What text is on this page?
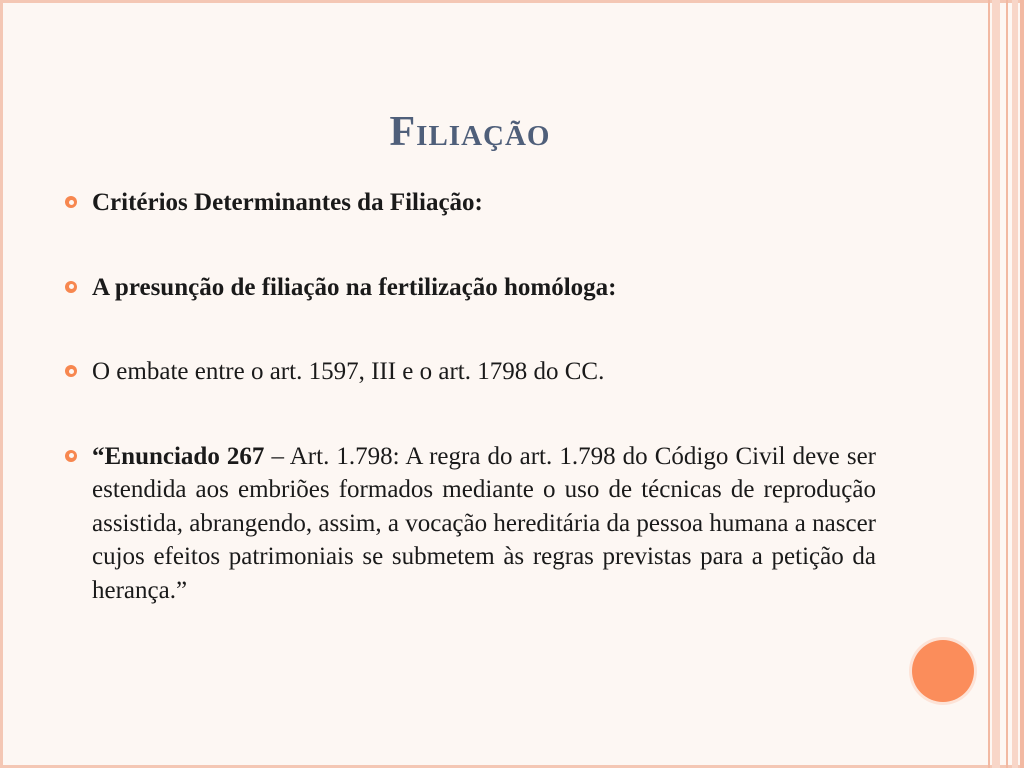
Filiação
Critérios Determinantes da Filiação:
A presunção de filiação na fertilização homóloga:
O embate entre o art. 1597, III e o art. 1798 do CC.
“Enunciado 267 – Art. 1.798: A regra do art. 1.798 do Código Civil deve ser estendida aos embriões formados mediante o uso de técnicas de reprodução assistida, abrangendo, assim, a vocação hereditária da pessoa humana a nascer cujos efeitos patrimoniais se submetem às regras previstas para a petição da herança.”
